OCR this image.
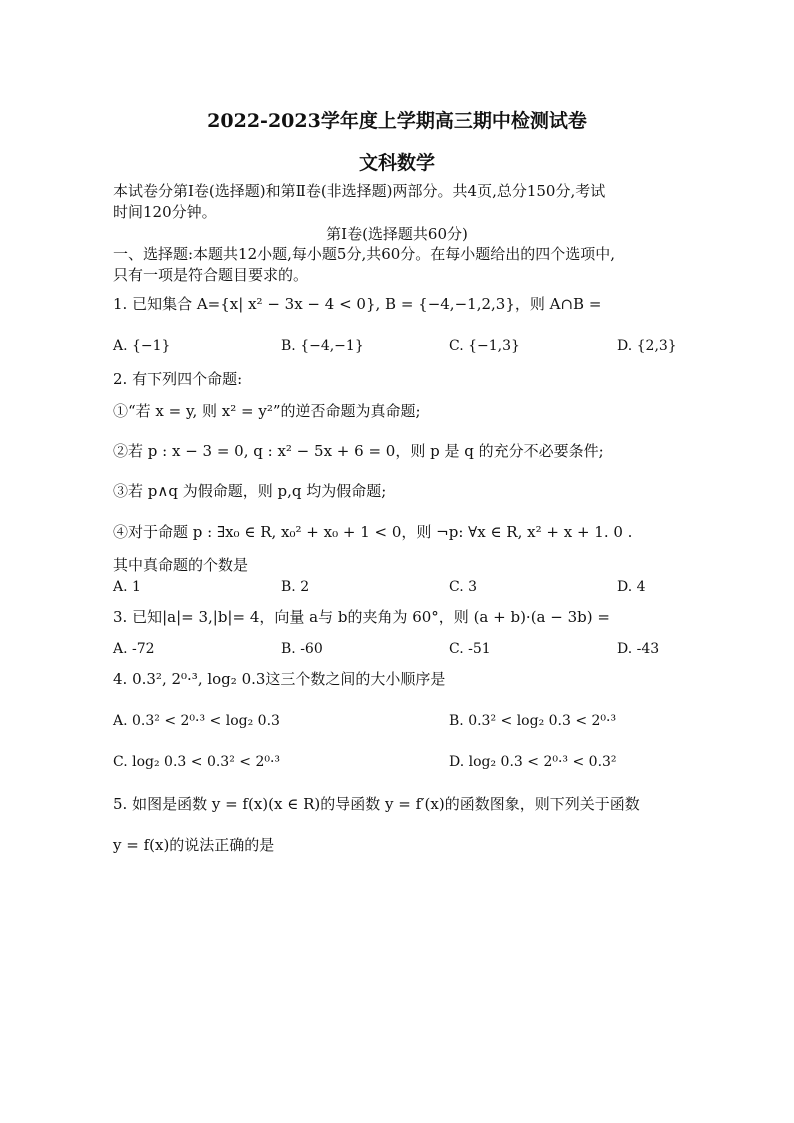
2022-2023学年度上学期高三期中检测试卷
文科数学
本试卷分第Ⅰ卷(选择题)和第Ⅱ卷(非选择题)两部分。共4页,总分150分,考试
时间120分钟。
第Ⅰ卷(选择题共60分)
一、选择题:本题共12小题,每小题5分,共60分。在每小题给出的四个选项中,
只有一项是符合题目要求的。
1. 已知集合 A={x| x² − 3x − 4 < 0}, B = {−4,−1,2,3}，则 A∩B =
A. {−1}	B. {−4,−1}	C. {−1,3}	D. {2,3}
2. 有下列四个命题:
①“若 x = y, 则 x² = y²”的逆否命题为真命题;
②若 p : x − 3 = 0, q : x² − 5x + 6 = 0，则 p 是 q 的充分不必要条件;
③若 p∧q 为假命题，则 p,q 均为假命题;
④对于命题 p : ∃x₀ ∈ R, x₀² + x₀ + 1 < 0，则 ¬p: ∀x ∈ R, x² + x + 1. 0 .
其中真命题的个数是
A. 1	B. 2	C. 3	D. 4
3. 已知|a|= 3,|b|= 4，向量 a与 b的夹角为 60°，则 (a + b)·(a − 3b) =
A. -72	B. -60	C. -51	D. -43
4. 0.3², 2⁰·³, log₂ 0.3这三个数之间的大小顺序是
A. 0.3² < 2⁰·³ < log₂ 0.3	B. 0.3² < log₂ 0.3 < 2⁰·³
C. log₂ 0.3 < 0.3² < 2⁰·³	D. log₂ 0.3 < 2⁰·³ < 0.3²
5. 如图是函数 y = f(x)(x ∈ R)的导函数 y = f′(x)的函数图象，则下列关于函数
y = f(x)的说法正确的是
